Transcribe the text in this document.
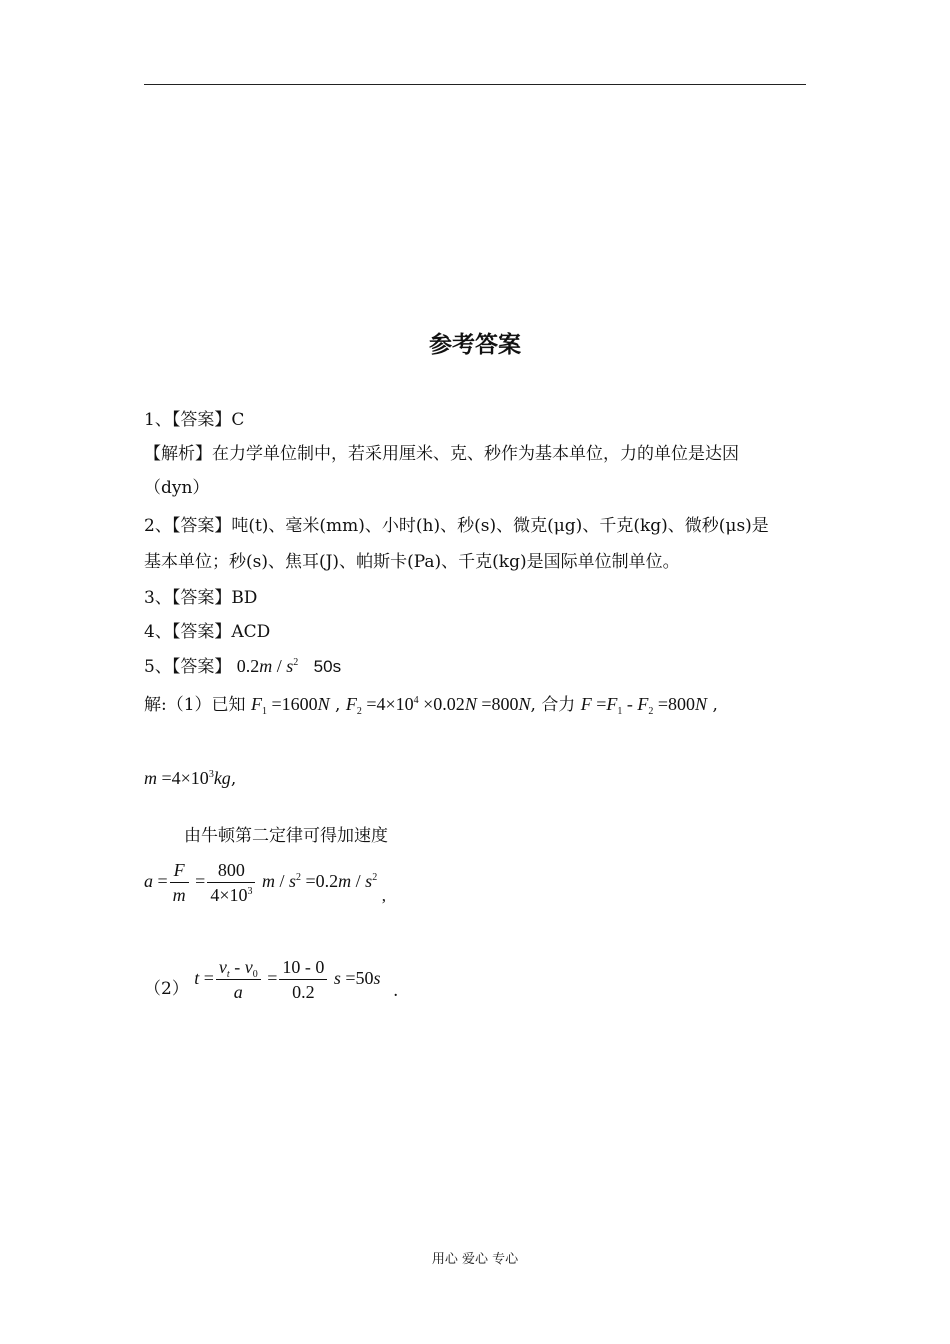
参考答案
1、【答案】C
【解析】在力学单位制中，若采用厘米、克、秒作为基本单位，力的单位是达因
（dyn）
2、【答案】吨(t)、毫米(mm)、小时(h)、秒(s)、微克(μg)、千克(kg)、微秒(μs)是
基本单位；秒(s)、焦耳(J)、帕斯卡(Pa)、千克(kg)是国际单位制单位。
3、【答案】BD
4、【答案】ACD
5、【答案】 $0.2m / s^2$ 50s
解:（1）已知 $F_1 =1600N$ , $F_2 =4\times 10^4 \times 0.02N =800N$, 合力 $F =F_1 - F_2 =800N$ ,
$m =4\times 10^3kg$,
由牛顿第二定律可得加速度
$a = \frac{F}{m} = \frac{800}{4\times 10^3}$ $m / s^2 =0.2m / s^2$ ,
（2） $t = \frac{v_t - v_0}{a} = \frac{10 - 0}{0.2}$ s =50s .
用心 爱心 专心
